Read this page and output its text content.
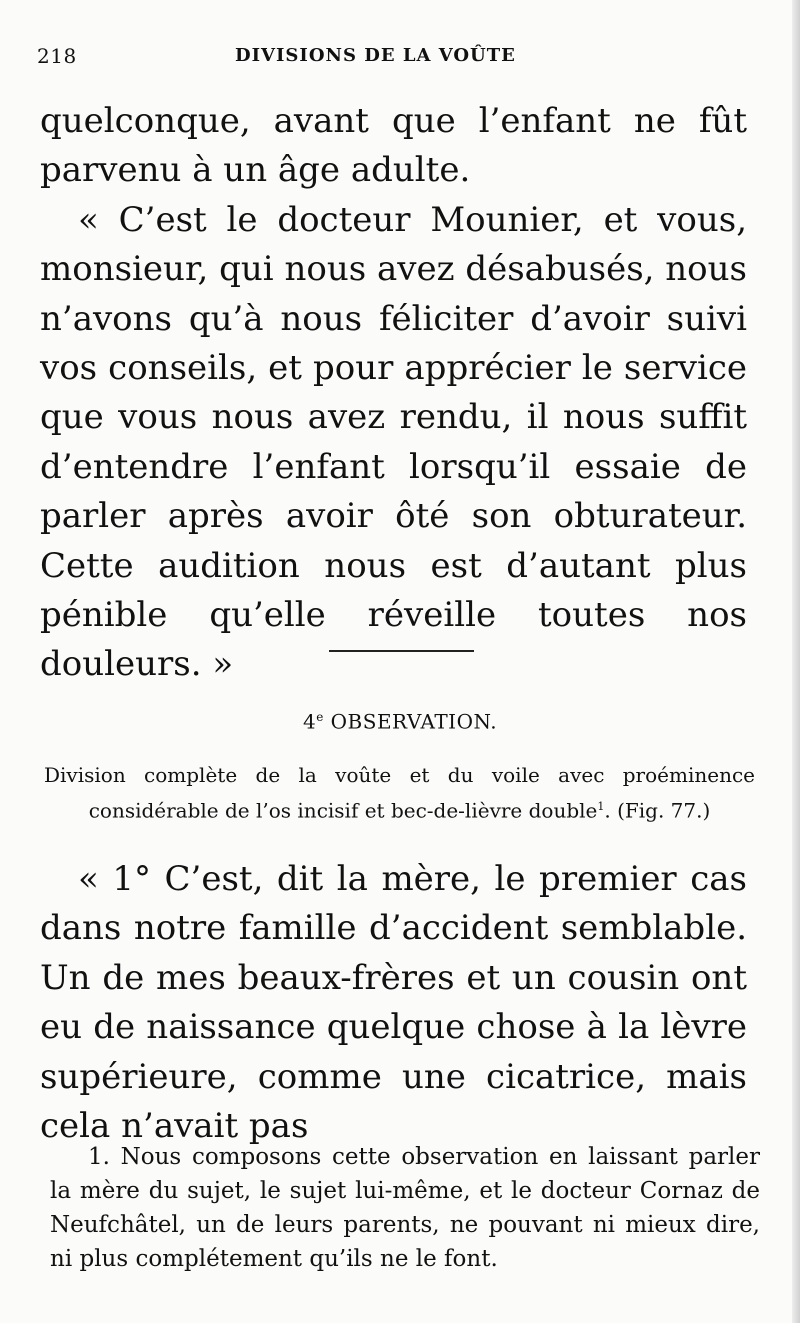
218	DIVISIONS DE LA VOÛTE

quelconque, avant que l’enfant ne fût parvenu à un âge adulte.

« C’est le docteur Mounier, et vous, monsieur, qui nous avez désabusés, nous n’avons qu’à nous féliciter d’avoir suivi vos conseils, et pour apprécier le service que vous nous avez rendu, il nous suffit d’entendre l’enfant lorsqu’il essaie de parler après avoir ôté son obturateur. Cette audition nous est d’autant plus pénible qu’elle réveille toutes nos douleurs. »

4e OBSERVATION.
Division complète de la voûte et du voile avec proéminence considérable de l’os incisif et bec-de-lièvre double$^1$. (Fig. 77.)

« 1° C’est, dit la mère, le premier cas dans notre famille d’accident semblable. Un de mes beaux-frères et un cousin ont eu de naissance quelque chose à la lèvre supérieure, comme une cicatrice, mais cela n’avait pas

1. Nous composons cette observation en laissant parler la mère du sujet, le sujet lui-même, et le docteur Cornaz de Neufchâtel, un de leurs parents, ne pouvant ni mieux dire, ni plus complétement qu’ils ne le font.
